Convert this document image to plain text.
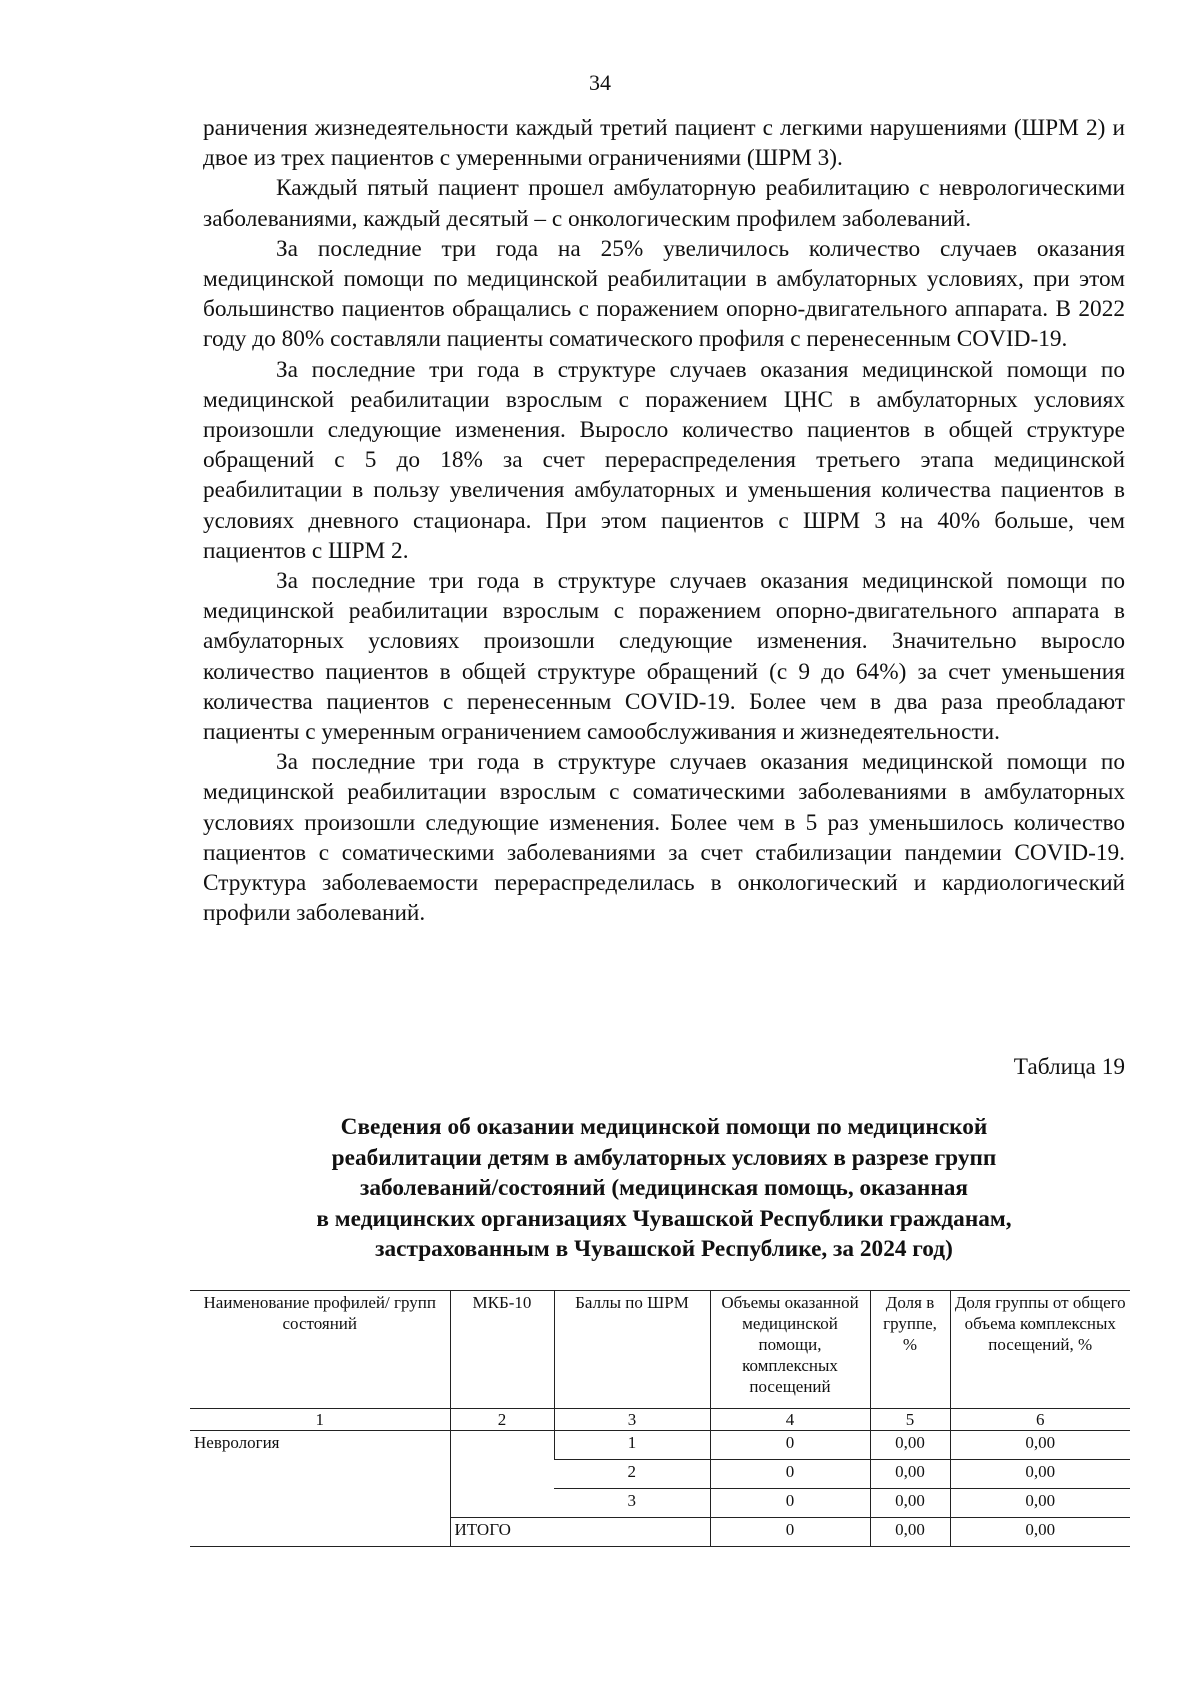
34

раничения жизнедеятельности каждый третий пациент с легкими нарушениями (ШРМ 2) и двое из трех пациентов с умеренными ограничениями (ШРМ 3).

Каждый пятый пациент прошел амбулаторную реабилитацию с неврологическими заболеваниями, каждый десятый – с онкологическим профилем заболеваний.

За последние три года на 25% увеличилось количество случаев оказания медицинской помощи по медицинской реабилитации в амбулаторных условиях, при этом большинство пациентов обращались с поражением опорно-двигательного аппарата. В 2022 году до 80% составляли пациенты соматического профиля с перенесенным COVID-19.

За последние три года в структуре случаев оказания медицинской помощи по медицинской реабилитации взрослым с поражением ЦНС в амбулаторных условиях произошли следующие изменения. Выросло количество пациентов в общей структуре обращений с 5 до 18% за счет перераспределения третьего этапа медицинской реабилитации в пользу увеличения амбулаторных и уменьшения количества пациентов в условиях дневного стационара. При этом пациентов с ШРМ 3 на 40% больше, чем пациентов с ШРМ 2.

За последние три года в структуре случаев оказания медицинской помощи по медицинской реабилитации взрослым с поражением опорно-двигательного аппарата в амбулаторных условиях произошли следующие изменения. Значительно выросло количество пациентов в общей структуре обращений (с 9 до 64%) за счет уменьшения количества пациентов с перенесенным COVID-19. Более чем в два раза преобладают пациенты с умеренным ограничением самообслуживания и жизнедеятельности.

За последние три года в структуре случаев оказания медицинской помощи по медицинской реабилитации взрослым с соматическими заболеваниями в амбулаторных условиях произошли следующие изменения. Более чем в 5 раз уменьшилось количество пациентов с соматическими заболеваниями за счет стабилизации пандемии COVID-19. Структура заболеваемости перераспределилась в онкологический и кардиологический профили заболеваний.

Таблица 19
Сведения об оказании медицинской помощи по медицинской
реабилитации детям в амбулаторных условиях в разрезе групп
заболеваний/состояний (медицинская помощь, оказанная
в медицинских организациях Чувашской Республики гражданам,
застрахованным в Чувашской Республике, за 2024 год)
Наименование профилей/ групп состояний	МКБ-10	Баллы по ШРМ	Объемы оказанной медицинской помощи, комплексных посещений	Доля в группе, %	Доля группы от общего объема комплексных посещений, %
1	2	3	4	5	6
Неврология		1	0	0,00	0,00
		2	0	0,00	0,00
		3	0	0,00	0,00
	ИТОГО		0	0,00	0,00
